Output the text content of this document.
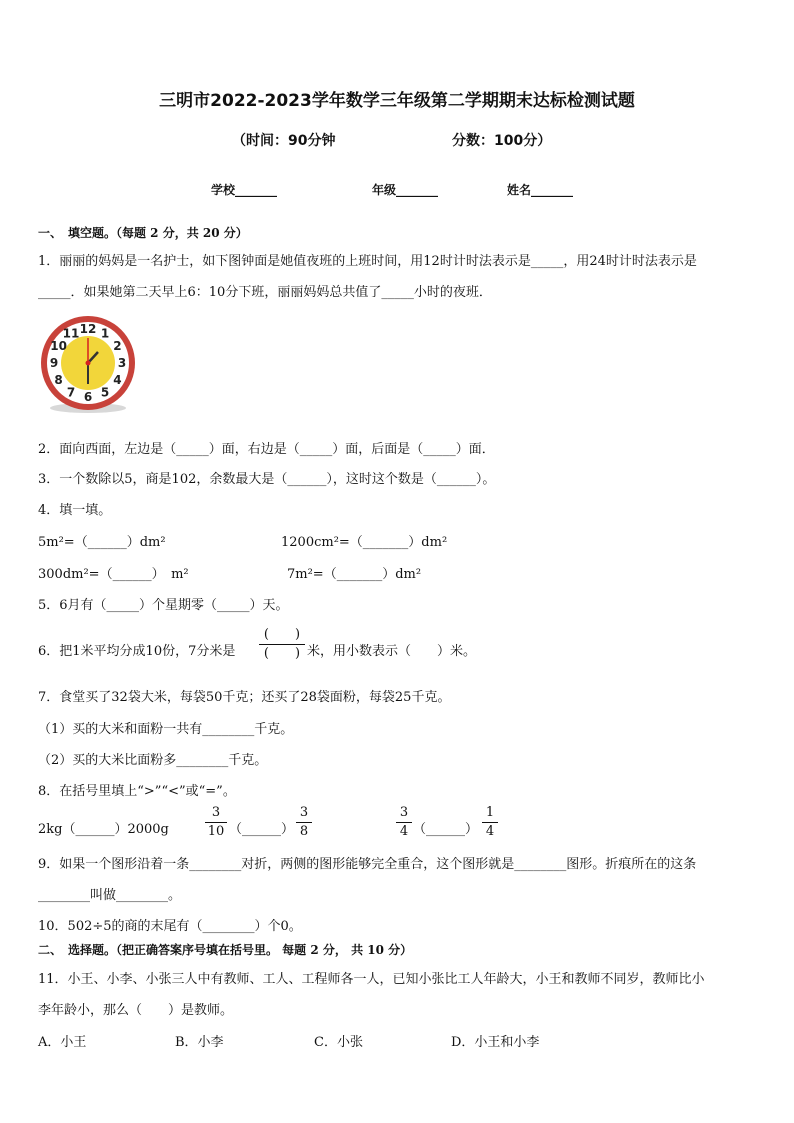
三明市2022-2023学年数学三年级第二学期期末达标检测试题
（时间：90分钟	分数：100分）
学校_______	年级_______	姓名_______
一、　填空题。（每题 2 分，共 20 分）
1．丽丽的妈妈是一名护士，如下图钟面是她值夜班的上班时间，用12时计时法表示是_____，用24时计时法表示是
_____．如果她第二天早上6：10分下班，丽丽妈妈总共值了_____小时的夜班．
12 1
2
3
4
5
6
7
8
9
10
11
2．面向西面，左边是（_____）面，右边是（_____）面，后面是（_____）面．
3．一个数除以5，商是102，余数最大是（______），这时这个数是（______）。
4．填一填。
5m²=（______）dm²	1200cm²=（_______）dm²
300dm²=（______）　m²	7m²=（_______）dm²
5．6月有（_____）个星期零（_____）天。
6．把1米平均分成10份，7分米是
(　　)
(　　) 米，用小数表示（　　）米。
7．食堂买了32袋大米，每袋50千克；还买了28袋面粉，每袋25千克。
（1）买的大米和面粉一共有________千克。
（2）买的大米比面粉多________千克。
8．在括号里填上“>”“<”或“=”。
2kg（______）2000g
3
10 （______）
3
8
3
4 （______）
1
4
9．如果一个图形沿着一条________对折，两侧的图形能够完全重合，这个图形就是________图形。折痕所在的这条
________叫做________。
10．502÷5的商的末尾有（________）个0。
二、　选择题。（把正确答案序号填在括号里。 每题 2 分， 共 10 分）
11．小王、小李、小张三人中有教师、工人、工程师各一人，已知小张比工人年龄大，小王和教师不同岁，教师比小
李年龄小，那么（　　）是教师。
A．小王	B．小李	C．小张	D．小王和小李
